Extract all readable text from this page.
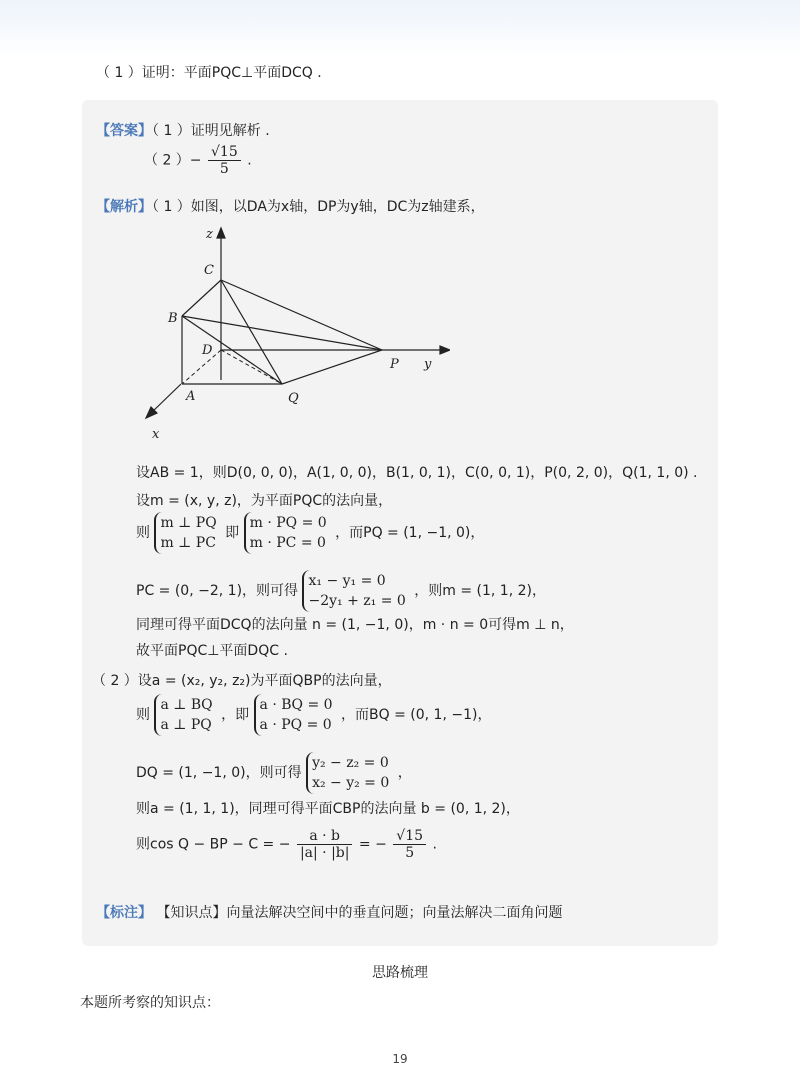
（ 1 ）证明：平面PQC⊥平面DCQ .
【答案】（ 1 ）证明见解析 .
（ 2 ）− $\frac{√15}{5}$ .
【解析】（ 1 ）如图，以DA为x轴，DP为y轴，DC为z轴建系，
z
C
B
D
P y
A	Q
x
设AB = 1，则D(0, 0, 0)，A(1, 0, 0)，B(1, 0, 1)，C(0, 0, 1)，P(0, 2, 0)，Q(1, 1, 0) .
设m = (x, y, z)，为平面PQC的法向量，
则 m ⊥ PQ
m ⊥ PC 即 m · PQ = 0
m · PC = 0 ，而PQ = (1, −1, 0)，
PC = (0, −2, 1)，则可得 x₁ − y₁ = 0
−2y₁ + z₁ = 0 ，则m = (1, 1, 2)，
同理可得平面DCQ的法向量 n = (1, −1, 0)，m · n = 0可得m ⊥ n，
故平面PQC⊥平面DQC .
（ 2 ）设a = (x₂, y₂, z₂)为平面QBP的法向量，
则 a ⊥ BQ
a ⊥ PQ ，即 a · BQ = 0
a · PQ = 0 ，而BQ = (0, 1, −1)，
DQ = (1, −1, 0)，则可得 y₂ − z₂ = 0
x₂ − y₂ = 0 ，
则a = (1, 1, 1)，同理可得平面CBP的法向量 b = (0, 1, 2)，
则cos Q − BP − C = − $\frac{a \cdot b}{|a| \cdot |b|}$ = − $\frac{√15}{5}$ .
【标注】 【知识点】向量法解决空间中的垂直问题；向量法解决二面角问题
思路梳理
本题所考察的知识点：
19
